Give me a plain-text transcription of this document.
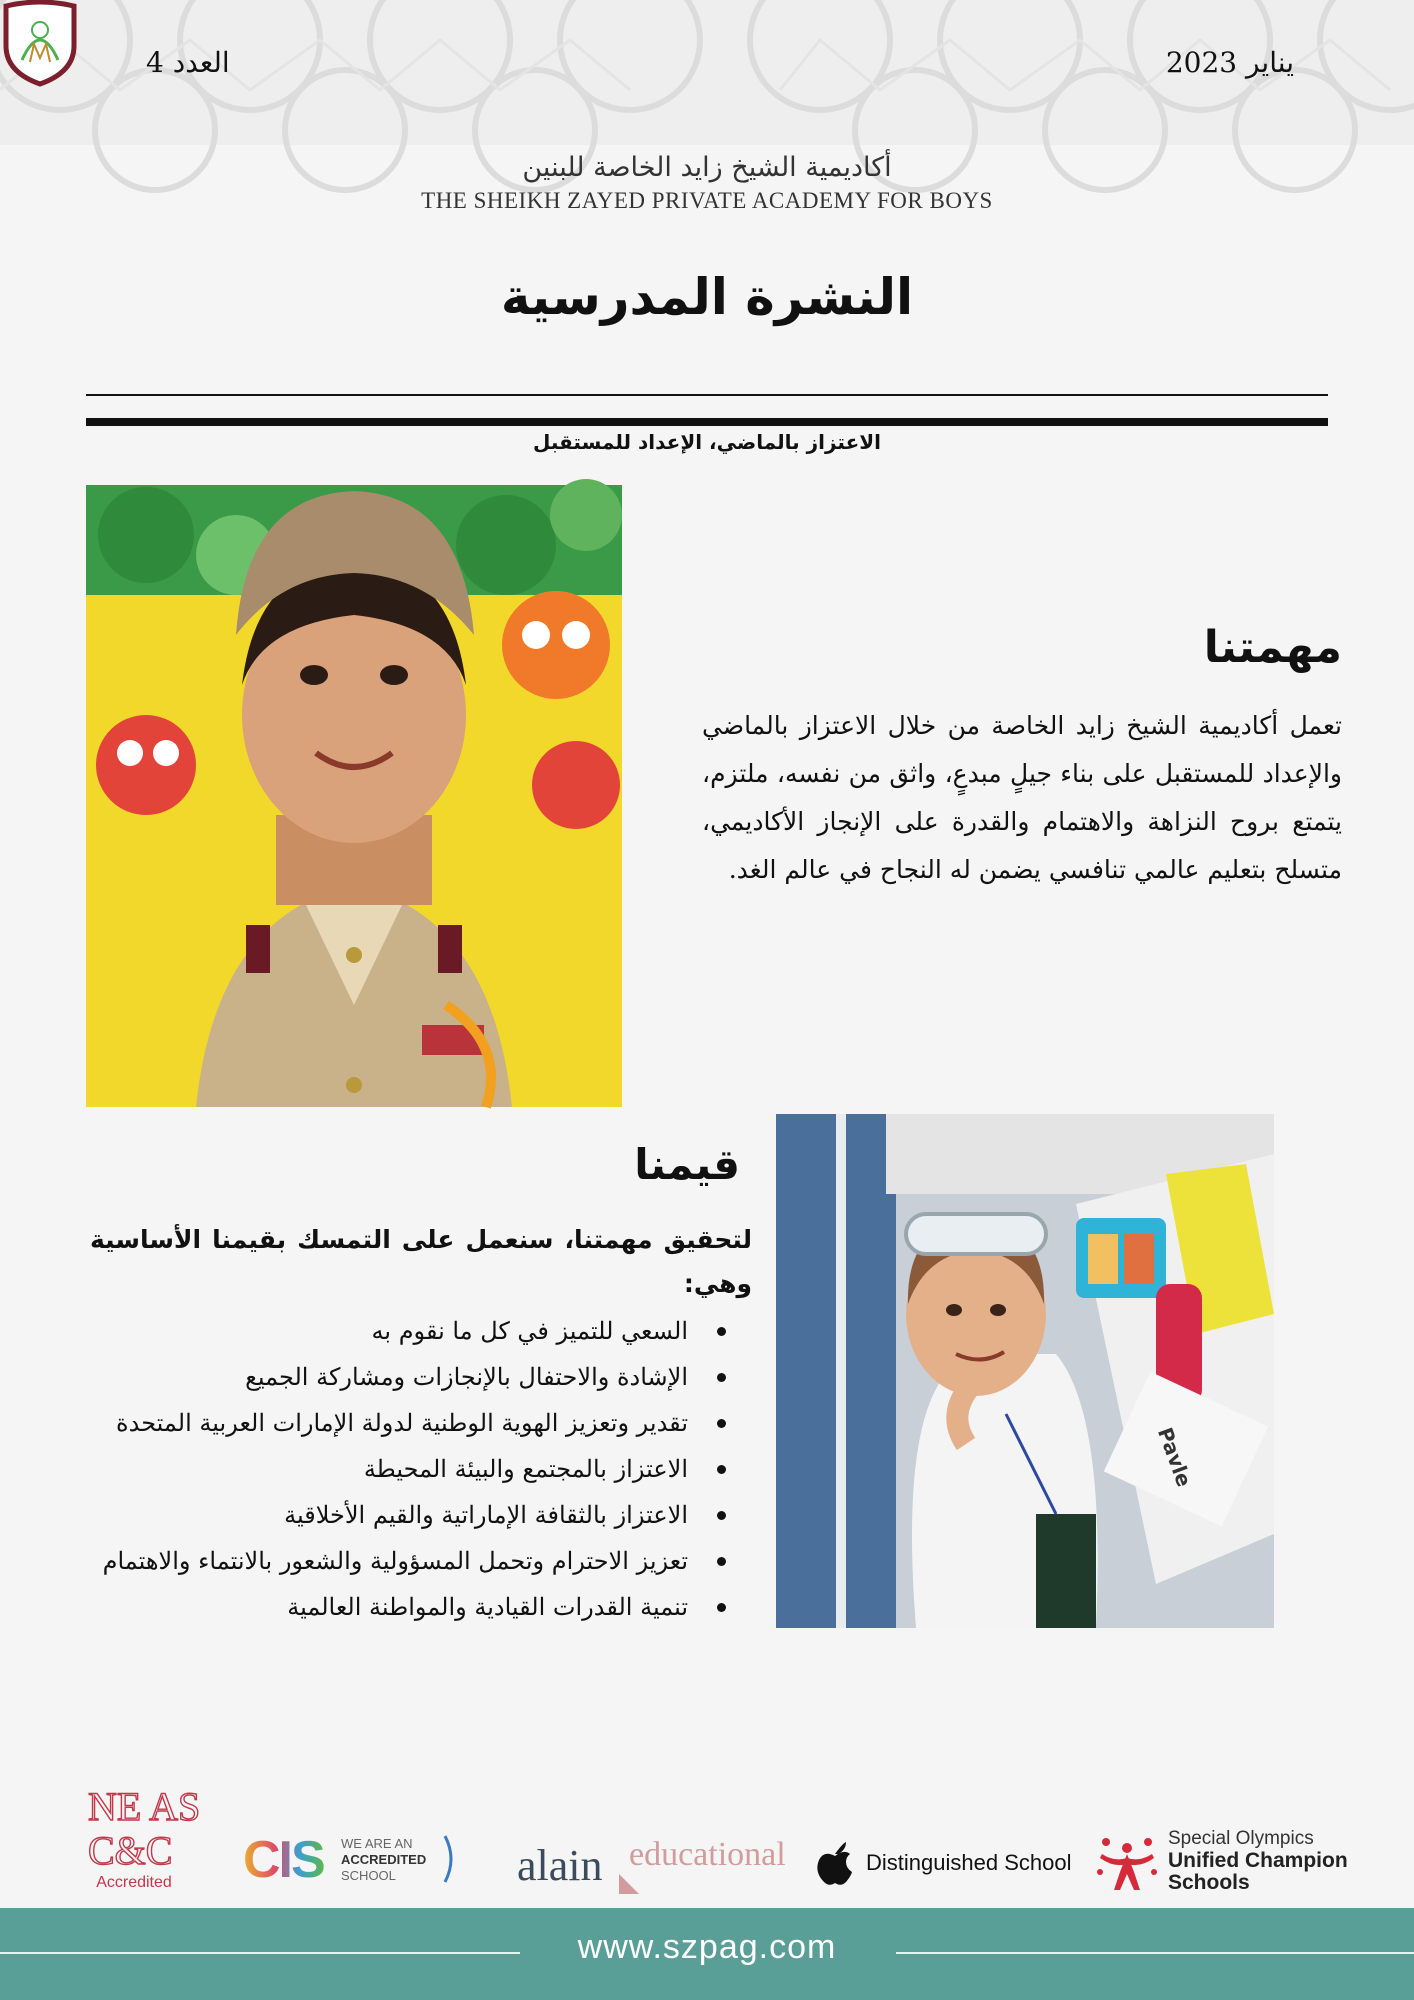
يناير 2023
العدد 4
أكاديمية الشيخ زايد الخاصة للبنين
THE SHEIKH ZAYED PRIVATE ACADEMY FOR BOYS
النشرة المدرسية
الاعتزاز بالماضي، الإعداد للمستقبل
مهمتنا

تعمل أكاديمية الشيخ زايد الخاصة من خلال الاعتزاز بالماضي والإعداد للمستقبل على بناء جيلٍ مبدعٍ، واثق من نفسه، ملتزم، يتمتع بروح النزاهة والاهتمام والقدرة على الإنجاز الأكاديمي، متسلح بتعليم عالمي تنافسي يضمن له النجاح في عالم الغد.

Pavle
قيمنا

لتحقيق مهمتنا، سنعمل على التمسك بقيمنا الأساسية وهي:

السعي للتميز في كل ما نقوم به
الإشادة والاحتفال بالإنجازات ومشاركة الجميع
تقدير وتعزيز الهوية الوطنية لدولة الإمارات العربية المتحدة
الاعتزاز بالمجتمع والبيئة المحيطة
الاعتزاز بالثقافة الإماراتية والقيم الأخلاقية
تعزيز الاحترام وتحمل المسؤولية والشعور بالانتماء والاهتمام
تنمية القدرات القيادية والمواطنة العالمية
NE AS
C&C
Accredited CIS WE ARE AN
ACCREDITED
SCHOOL	alain educational	Distinguished School
Special Olympics
Unified Champion
Schools
www.szpag.com
